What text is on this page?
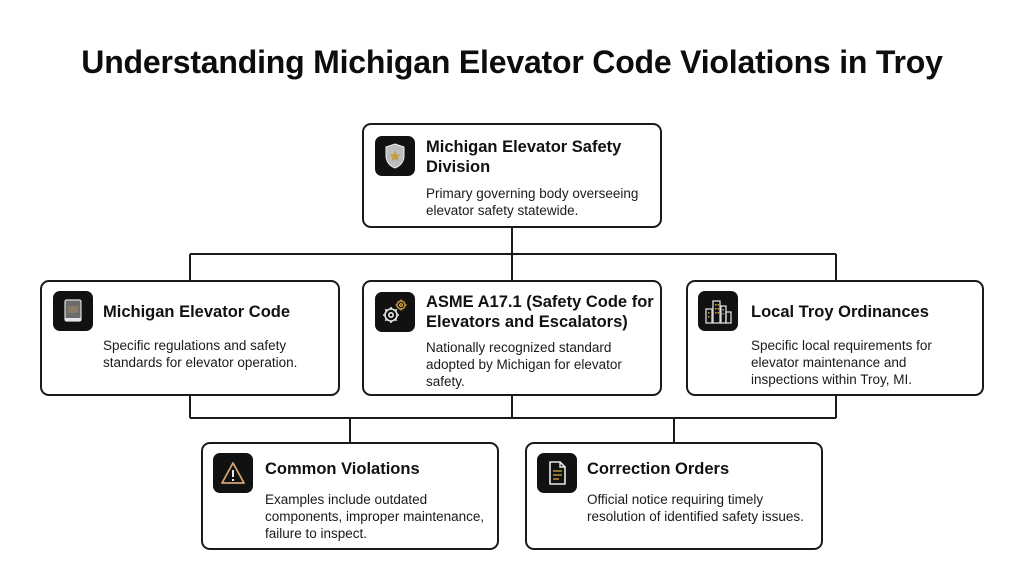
Understanding Michigan Elevator Code Violations in Troy
Michigan Elevator Safety Division
Primary governing body overseeing elevator safety statewide.
Michigan Elevator Code
Specific regulations and safety standards for elevator operation.
ASME A17.1 (Safety Code for Elevators and Escalators)
Nationally recognized standard adopted by Michigan for elevator safety.
Local Troy Ordinances
Specific local requirements for elevator maintenance and inspections within Troy, MI.
Common Violations
Examples include outdated components, improper maintenance, failure to inspect.
Correction Orders
Official notice requiring timely resolution of identified safety issues.
